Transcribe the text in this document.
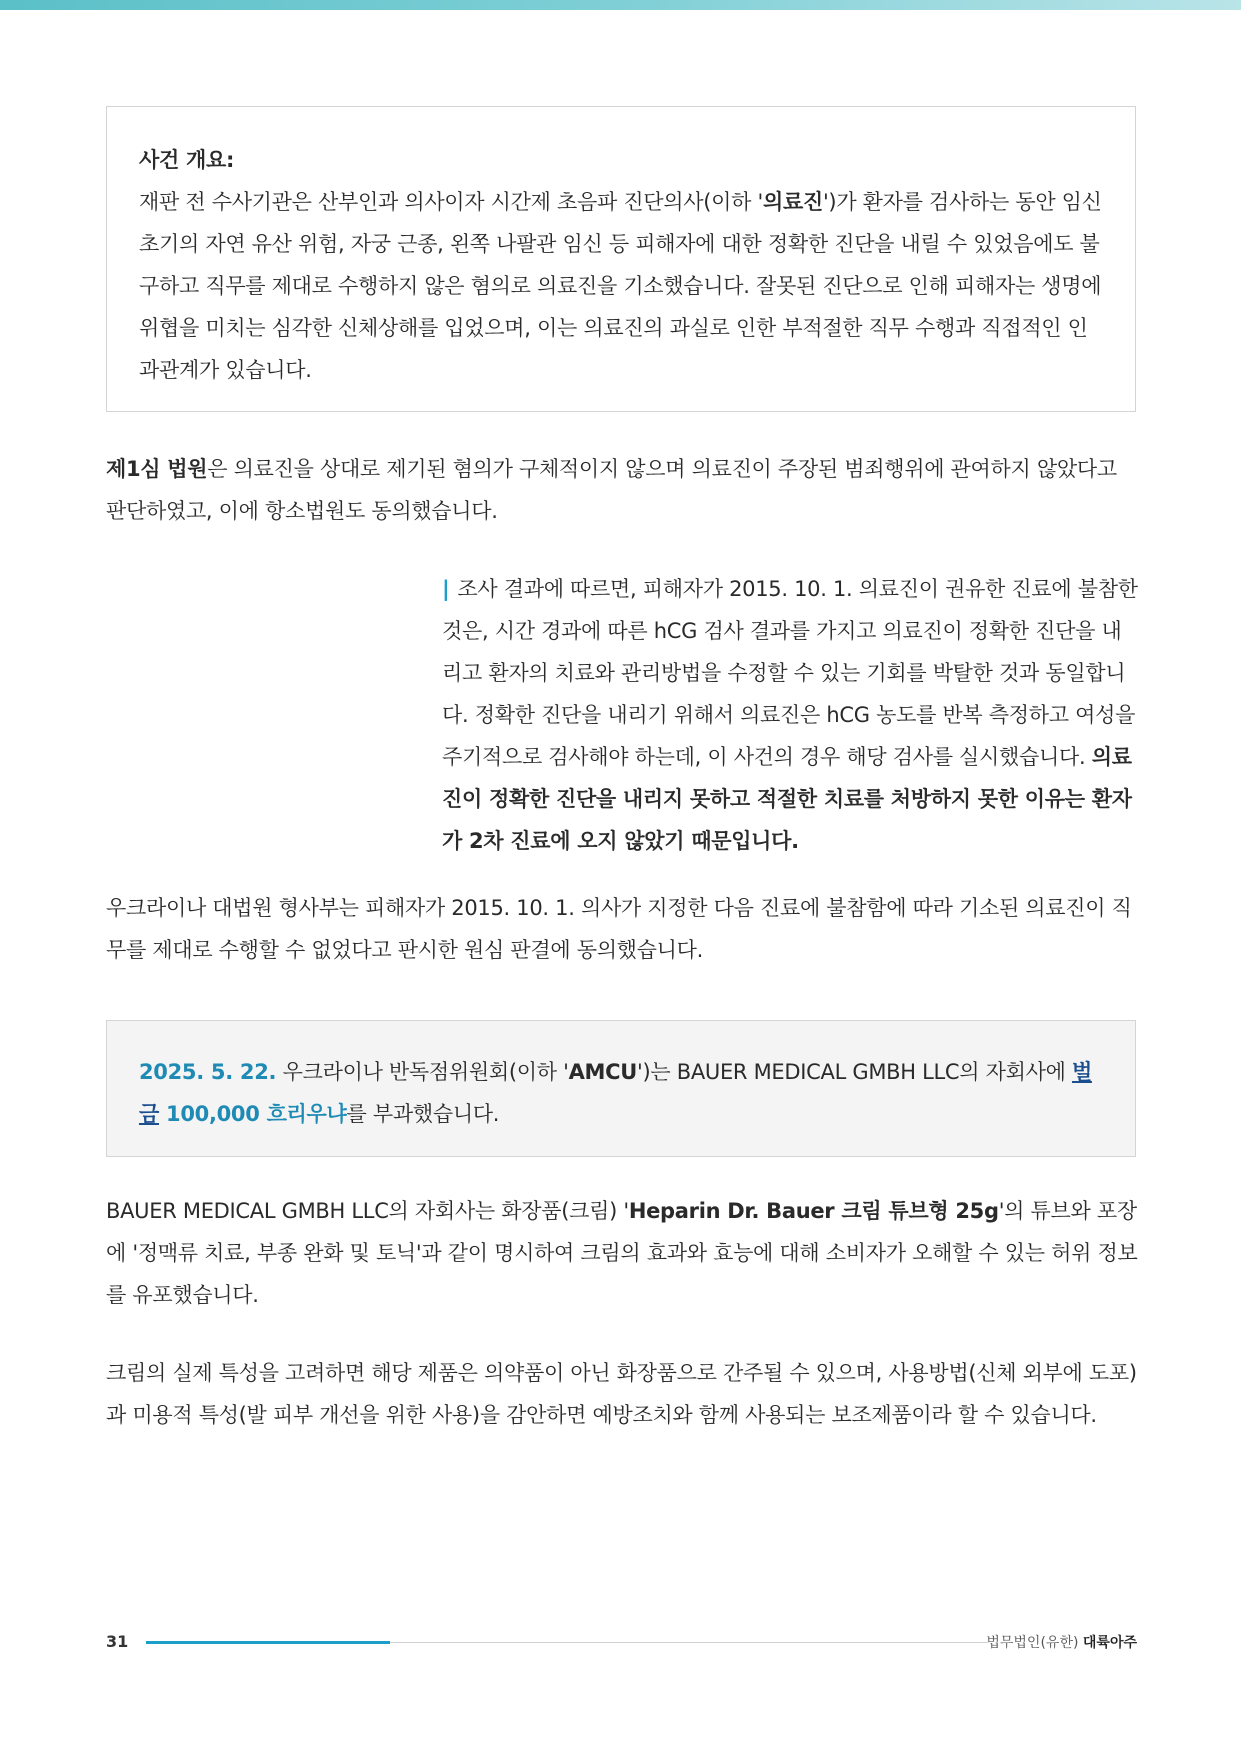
사건 개요:
재판 전 수사기관은 산부인과 의사이자 시간제 초음파 진단의사(이하 '의료진')가 환자를 검사하는 동안 임신 초기의 자연 유산 위험, 자궁 근종, 왼쪽 나팔관 임신 등 피해자에 대한 정확한 진단을 내릴 수 있었음에도 불구하고 직무를 제대로 수행하지 않은 혐의로 의료진을 기소했습니다. 잘못된 진단으로 인해 피해자는 생명에 위협을 미치는 심각한 신체상해를 입었으며, 이는 의료진의 과실로 인한 부적절한 직무 수행과 직접적인 인과관계가 있습니다.

제1심 법원은 의료진을 상대로 제기된 혐의가 구체적이지 않으며 의료진이 주장된 범죄행위에 관여하지 않았다고 판단하였고, 이에 항소법원도 동의했습니다.

| 조사 결과에 따르면, 피해자가 2015. 10. 1. 의료진이 권유한 진료에 불참한 것은, 시간 경과에 따른 hCG 검사 결과를 가지고 의료진이 정확한 진단을 내리고 환자의 치료와 관리방법을 수정할 수 있는 기회를 박탈한 것과 동일합니다. 정확한 진단을 내리기 위해서 의료진은 hCG 농도를 반복 측정하고 여성을 주기적으로 검사해야 하는데, 이 사건의 경우 해당 검사를 실시했습니다. 의료진이 정확한 진단을 내리지 못하고 적절한 치료를 처방하지 못한 이유는 환자가 2차 진료에 오지 않았기 때문입니다.

우크라이나 대법원 형사부는 피해자가 2015. 10. 1. 의사가 지정한 다음 진료에 불참함에 따라 기소된 의료진이 직무를 제대로 수행할 수 없었다고 판시한 원심 판결에 동의했습니다.

2025. 5. 22. 우크라이나 반독점위원회(이하 'AMCU')는 BAUER MEDICAL GMBH LLC의 자회사에 벌금 100,000 흐리우냐를 부과했습니다.

BAUER MEDICAL GMBH LLC의 자회사는 화장품(크림) 'Heparin Dr. Bauer 크림 튜브형 25g'의 튜브와 포장에 '정맥류 치료, 부종 완화 및 토닉'과 같이 명시하여 크림의 효과와 효능에 대해 소비자가 오해할 수 있는 허위 정보를 유포했습니다.

크림의 실제 특성을 고려하면 해당 제품은 의약품이 아닌 화장품으로 간주될 수 있으며, 사용방법(신체 외부에 도포)과 미용적 특성(발 피부 개선을 위한 사용)을 감안하면 예방조치와 함께 사용되는 보조제품이라 할 수 있습니다.

31	법무법인(유한) 대륙아주
